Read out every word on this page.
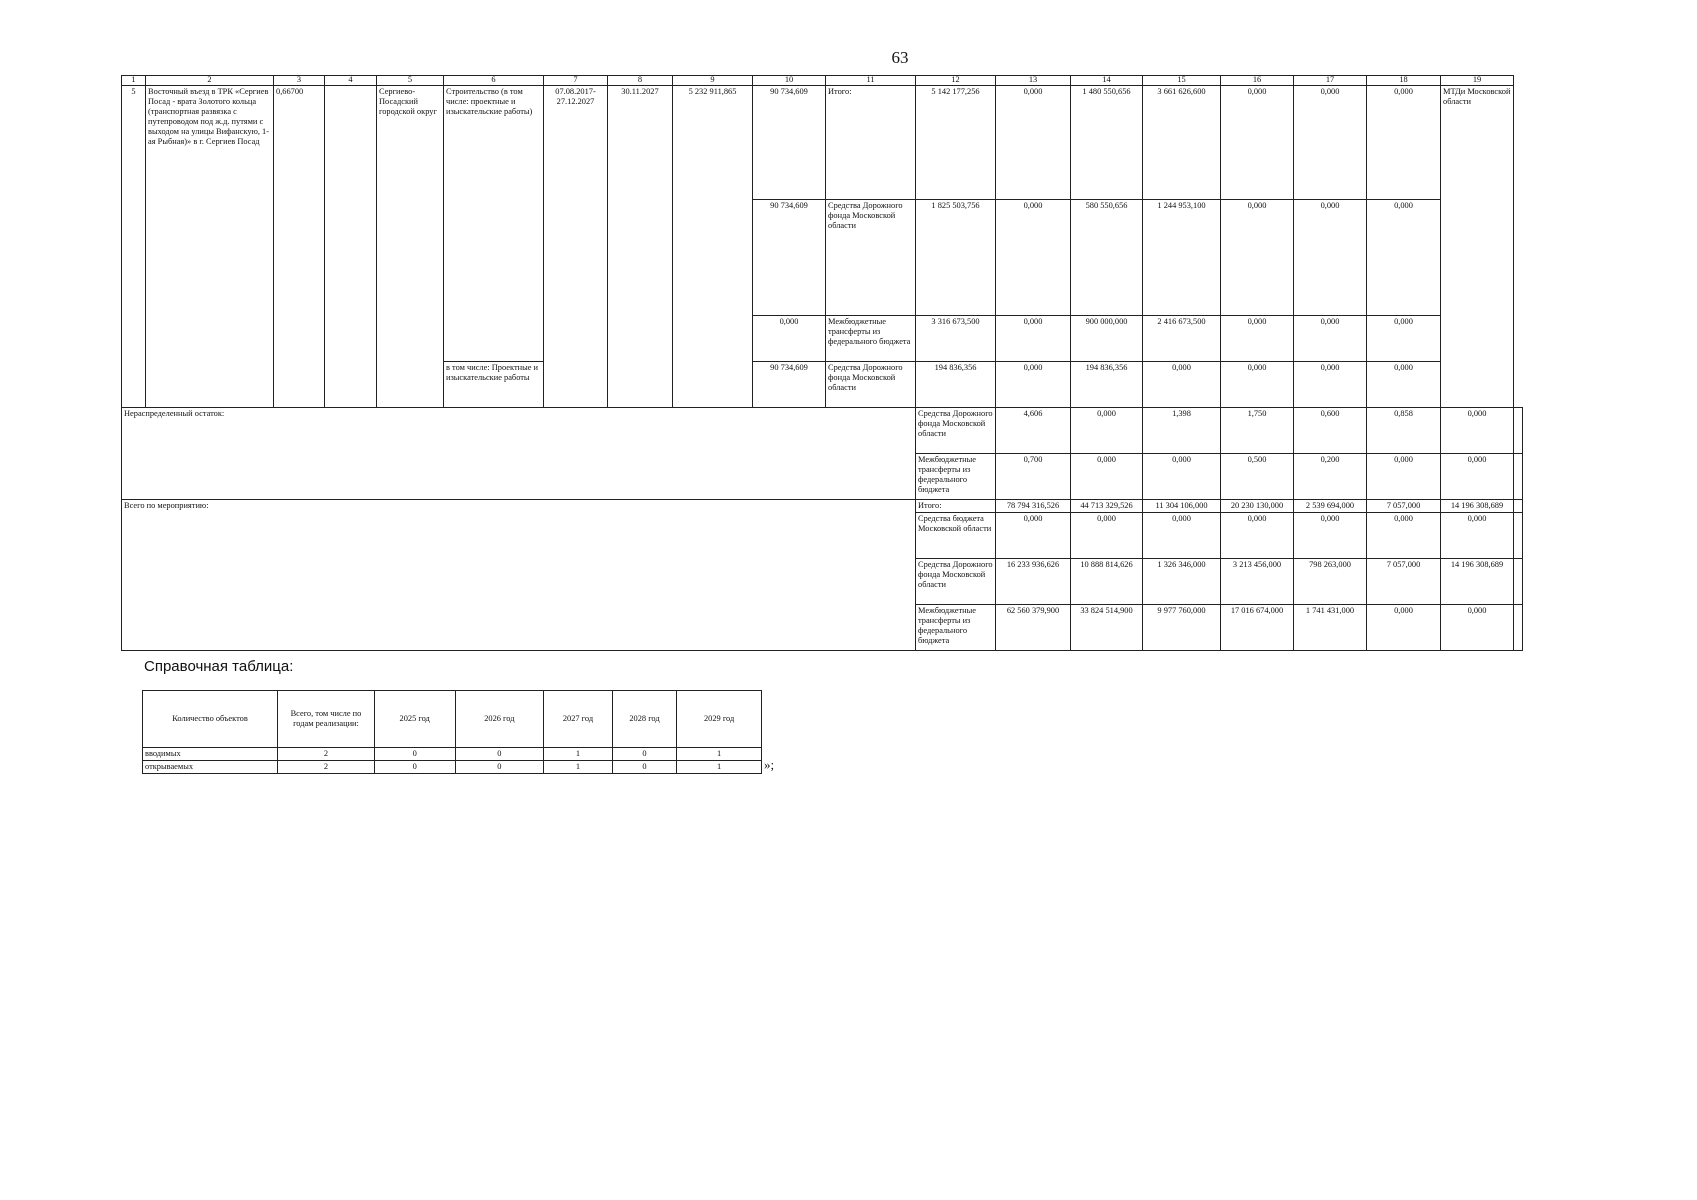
63
1	2	3	4	5	6	7	8	9	10	11	12	13	14	15	16	17	18	19	
5	Восточный въезд в ТРК «Сергиев Посад - врата Золотого кольца (транспортная развязка с путепроводом под ж.д. путями с выходом на улицы Вифанскую, 1-ая Рыбная)» в г. Сергиев Посад	0,66700		Сергиево-Посадский городской округ	Строительство (в том числе: проектные и изыскательские работы)	07.08.2017-27.12.2027	30.11.2027	5 232 911,865	90 734,609	Итого:	5 142 177,256	0,000	1 480 550,656	3 661 626,600	0,000	0,000	0,000	МТДи Московской области	
									90 734,609	Средства Дорожного фонда Московской области	1 825 503,756	0,000	580 550,656	1 244 953,100	0,000	0,000	0,000		
									0,000	Межбюджетные трансферты из федерального бюджета	3 316 673,500	0,000	900 000,000	2 416 673,500	0,000	0,000	0,000		
					в том числе: Проектные и изыскательские работы				90 734,609	Средства Дорожного фонда Московской области	194 836,356	0,000	194 836,356	0,000	0,000	0,000	0,000		
Нераспределенный остаток:											Средства Дорожного фонда Московской области	4,606	0,000	1,398	1,750	0,600	0,858	0,000	
											Межбюджетные трансферты из федерального бюджета	0,700	0,000	0,000	0,500	0,200	0,000	0,000	
Всего по мероприятию:											Итого:	78 794 316,526	44 713 329,526	11 304 106,000	20 230 130,000	2 539 694,000	7 057,000	14 196 308,689	
											Средства бюджета Московской области	0,000	0,000	0,000	0,000	0,000	0,000	0,000	
											Средства Дорожного фонда Московской области	16 233 936,626	10 888 814,626	1 326 346,000	3 213 456,000	798 263,000	7 057,000	14 196 308,689	
											Межбюджетные трансферты из федерального бюджета	62 560 379,900	33 824 514,900	9 977 760,000	17 016 674,000	1 741 431,000	0,000	0,000	
Справочная таблица:
Количество объектов	Всего, том числе по годам реализации:	2025 год	2026 год	2027 год	2028 год	2029 год
вводимых	2	0	0	1	0	1
открываемых	2	0	0	1	0	1	»;
